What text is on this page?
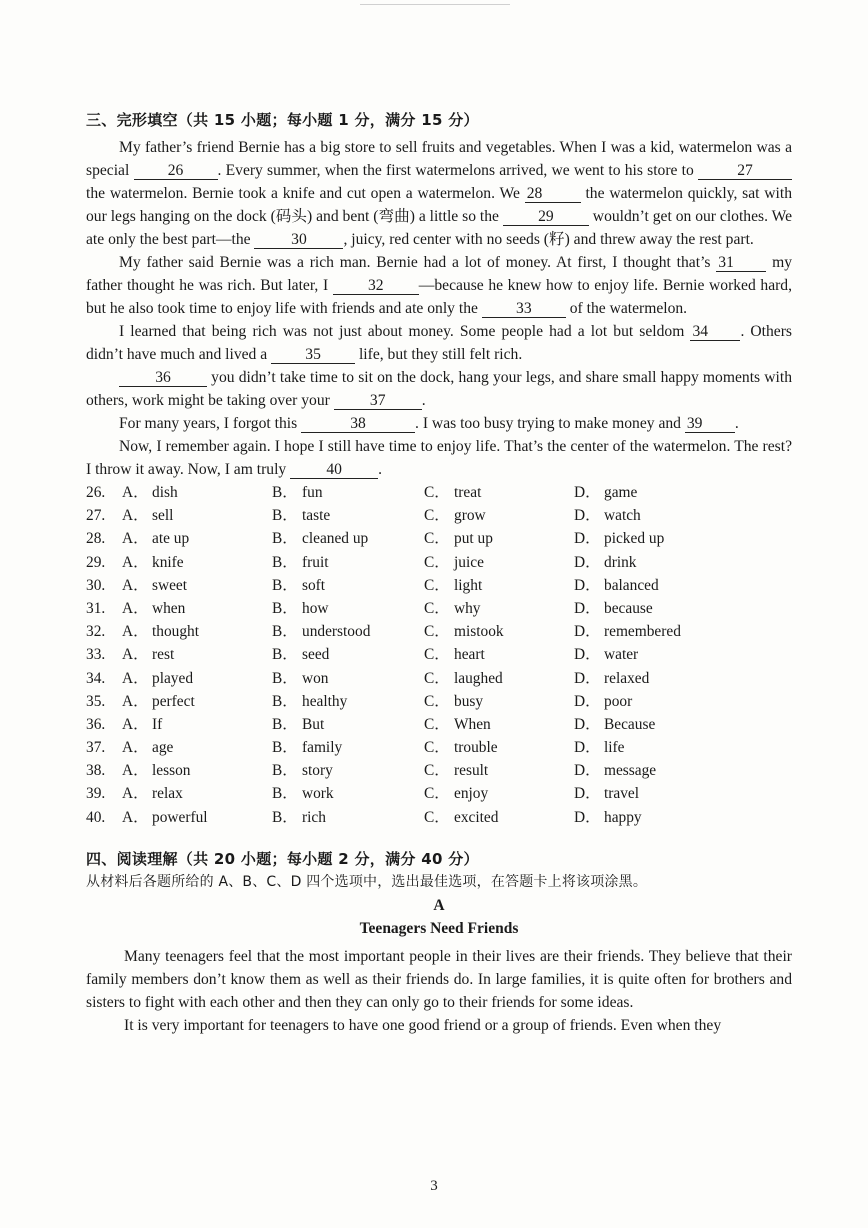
三、完形填空（共 15 小题；每小题 1 分，满分 15 分）

My father’s friend Bernie has a big store to sell fruits and vegetables. When I was a kid, watermelon was a special 26 . Every summer, when the first watermelons arrived, we went to his store to	27 the watermelon. Bernie took a knife and cut open a watermelon. We 28 the watermelon quickly, sat with our legs hanging on the dock (码头) and bent (弯曲) a little so the 29 wouldn’t get on our clothes. We ate only the best part—the 30 , juicy, red center with no seeds (籽) and threw away the rest part.

My father said Bernie was a rich man. Bernie had a lot of money. At first, I thought that’s 31 my father thought he was rich. But later, I 32 —because he knew how to enjoy life. Bernie worked hard, but he also took time to enjoy life with friends and ate only the 33 of the watermelon.

I learned that being rich was not just about money. Some people had a lot but seldom 34 . Others didn’t have much and lived a 35 life, but they still felt rich.

36 you didn’t take time to sit on the dock, hang your legs, and share small happy moments with others, work might be taking over your 37 .

For many years, I forgot this	38	. I was too busy trying to make money and 39 .

Now, I remember again. I hope I still have time to enjoy life. That’s the center of the watermelon. The rest? I throw it away. Now, I am truly 40 .

26.	A． dish	B． fun	C． treat	D． game
27.	A． sell	B． taste	C． grow	D． watch
28.	A． ate up	B． cleaned up	C． put up	D． picked up
29.	A． knife	B． fruit	C． juice	D． drink
30.	A． sweet	B． soft	C． light	D． balanced
31.	A． when	B． how	C． why	D． because
32.	A． thought	B． understood	C． mistook	D． remembered
33.	A． rest	B． seed	C． heart	D． water
34.	A． played	B． won	C． laughed	D． relaxed
35.	A． perfect	B． healthy	C． busy	D． poor
36.	A． If	B． But	C． When	D． Because
37.	A． age	B． family	C． trouble	D． life
38.	A． lesson	B． story	C． result	D． message
39.	A． relax	B． work	C． enjoy	D． travel
40.	A． powerful	B． rich	C． excited	D． happy
四、阅读理解（共 20 小题；每小题 2 分，满分 40 分）

从材料后各题所给的 A、B、C、D 四个选项中，选出最佳选项，在答题卡上将该项涂黑。

A
Teenagers Need Friends

Many teenagers feel that the most important people in their lives are their friends. They believe that their family members don’t know them as well as their friends do. In large families, it is quite often for brothers and sisters to fight with each other and then they can only go to their friends for some ideas.

It is very important for teenagers to have one good friend or a group of friends. Even when they

3
